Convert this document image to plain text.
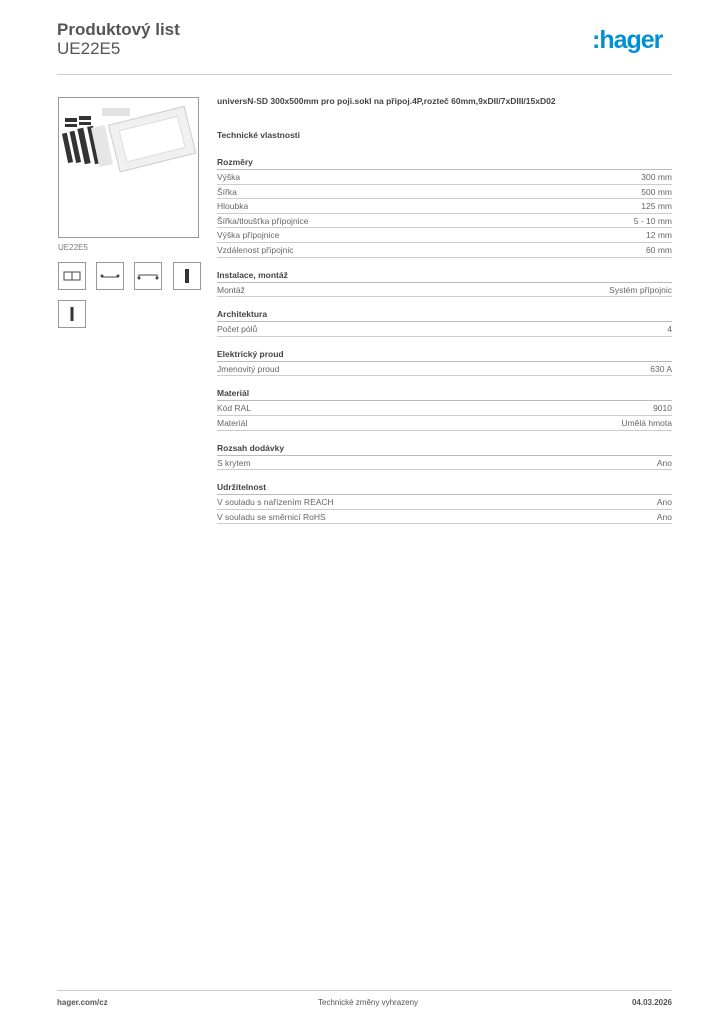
Produktový list
UE22E5	:hager
UE22E5
universN-SD 300x500mm pro poji.sokl na připoj.4P,rozteč 60mm,9xDII/7xDIII/15xD02
Technické vlastnosti
Rozměry
Výška	300 mm
Šířka	500 mm
Hloubka	125 mm
Šířka/tloušťka přípojnice	5 - 10 mm
Výška přípojnice	12 mm
Vzdálenost přípojnic	60 mm
Instalace, montáž
Montáž	Systém přípojnic
Architektura
Počet pólů	4
Elektrický proud
Jmenovitý proud	630 A
Materiál
Kód RAL	9010
Materiál	Umělá hmota
Rozsah dodávky
S krytem	Ano
Udržitelnost
V souladu s nařízením REACH	Ano
V souladu se směrnicí RoHS	Ano
hager.com/cz	Technické změny vyhrazeny	04.03.2026
